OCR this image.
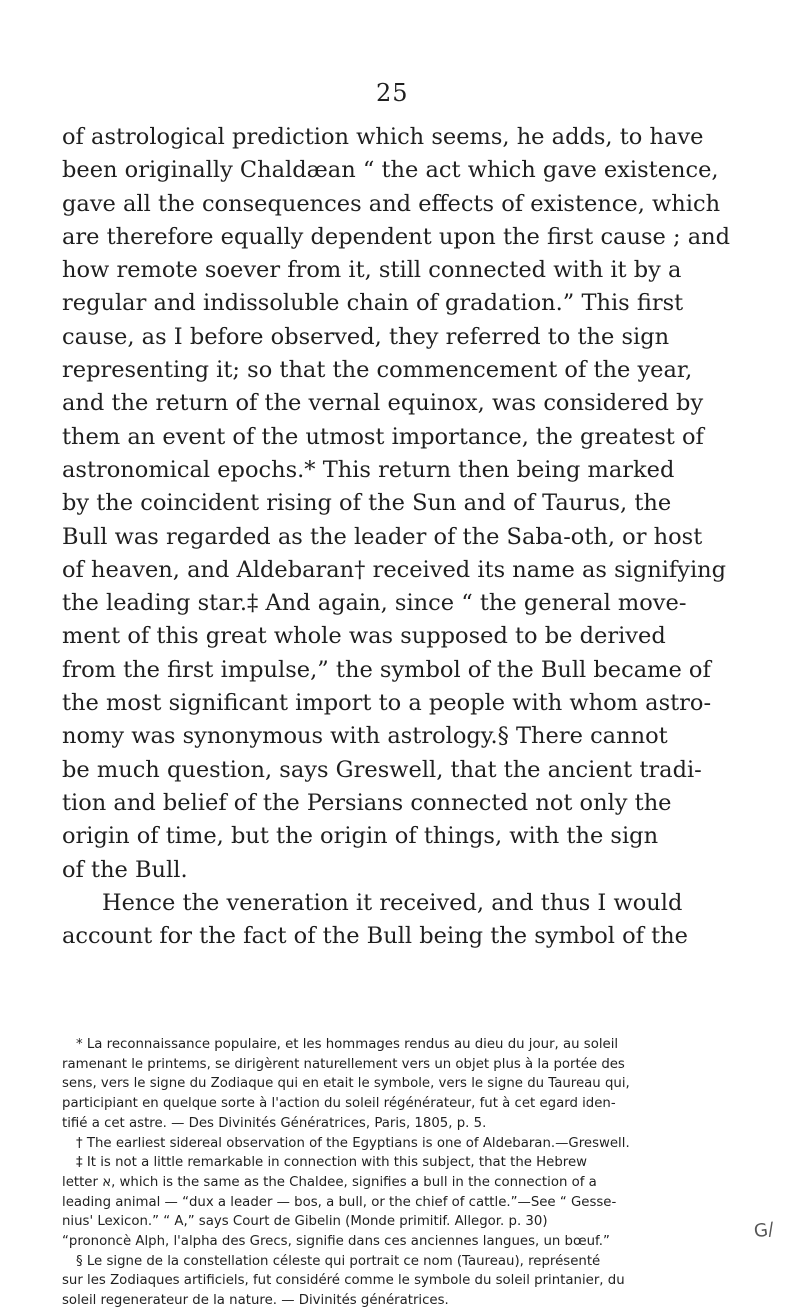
25

of astrological prediction which seems, he adds, to have
been originally Chaldæan “ the act which gave existence,
gave all the consequences and effects of existence, which
are therefore equally dependent upon the first cause ; and
how remote soever from it, still connected with it by a
regular and indissoluble chain of gradation.” This first
cause, as I before observed, they referred to the sign
representing it; so that the commencement of the year,
and the return of the vernal equinox, was considered by
them an event of the utmost importance, the greatest of
astronomical epochs.* This return then being marked
by the coincident rising of the Sun and of Taurus, the
Bull was regarded as the leader of the Saba-oth, or host
of heaven, and Aldebaran† received its name as signifying
the leading star.‡ And again, since “ the general move-
ment of this great whole was supposed to be derived
from the first impulse,” the symbol of the Bull became of
the most significant import to a people with whom astro-
nomy was synonymous with astrology.§ There cannot
be much question, says Greswell, that the ancient tradi-
tion and belief of the Persians connected not only the
origin of time, but the origin of things, with the sign
of the Bull.
Hence the veneration it received, and thus I would
account for the fact of the Bull being the symbol of the

* La reconnaissance populaire, et les hommages rendus au dieu du jour, au soleil
ramenant le printems, se dirigèrent naturellement vers un objet plus à la portée des
sens, vers le signe du Zodiaque qui en etait le symbole, vers le signe du Taureau qui,
participiant en quelque sorte à l'action du soleil régénérateur, fut à cet egard iden-
tifié a cet astre. — Des Divinités Génératrices, Paris, 1805, p. 5.
† The earliest sidereal observation of the Egyptians is one of Aldebaran.—Greswell.
‡ It is not a little remarkable in connection with this subject, that the Hebrew
letter א, which is the same as the Chaldee, signifies a bull in the connection of a
leading animal — “dux a leader — bos, a bull, or the chief of cattle.”—See “ Gesse-
nius' Lexicon.” “ A,” says Court de Gibelin (Monde primitif. Allegor. p. 30)
“prononcè Alph, l'alpha des Grecs, signifie dans ces anciennes langues, un bœuf.”
§ Le signe de la constellation céleste qui portrait ce nom (Taureau), représenté
sur les Zodiaques artificiels, fut considéré comme le symbole du soleil printanier, du
soleil regenerateur de la nature. — Divinités génératrices.

G/
